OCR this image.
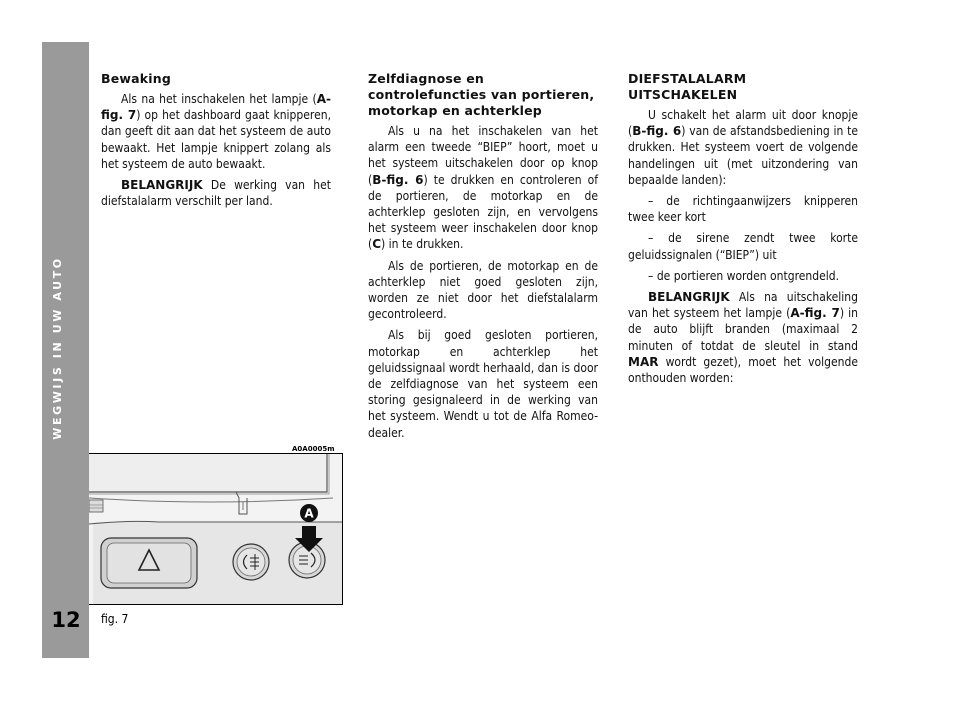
WEGWIJS IN UW AUTO
12
Bewaking

Als na het inschakelen het lampje (A-fig. 7) op het dashboard gaat knipperen, dan geeft dit aan dat het systeem de auto bewaakt. Het lampje knippert zolang als het systeem de auto bewaakt.

BELANGRIJK De werking van het diefstalalarm verschilt per land.

Zelfdiagnose en controlefuncties van portieren, motorkap en achterklep

Als u na het inschakelen van het alarm een tweede “BIEP” hoort, moet u het systeem uitschakelen door op knop (B-fig. 6) te drukken en controleren of de portieren, de motorkap en de achterklep gesloten zijn, en vervolgens het systeem weer inschakelen door knop (C) in te drukken.

Als de portieren, de motorkap en de achterklep niet goed gesloten zijn, worden ze niet door het diefstalalarm gecontroleerd.

Als bij goed gesloten portieren, motorkap en achterklep het geluidssignaal wordt herhaald, dan is door de zelfdiagnose van het systeem een storing gesignaleerd in de werking van het systeem. Wendt u tot de Alfa Romeo-dealer.

DIEFSTALALARM UITSCHAKELEN

U schakelt het alarm uit door knopje (B-fig. 6) van de afstandsbediening in te drukken. Het systeem voert de volgende handelingen uit (met uitzondering van bepaalde landen):

– de richtingaanwijzers knipperen twee keer kort

– de sirene zendt twee korte geluidssignalen (“BIEP”) uit

– de portieren worden ontgrendeld.

BELANGRIJK Als na uitschakeling van het systeem het lampje (A-fig. 7) in de auto blijft branden (maximaal 2 minuten of totdat de sleutel in stand MAR wordt gezet), moet het volgende onthouden worden:

A0A0005m
A
fig. 7
